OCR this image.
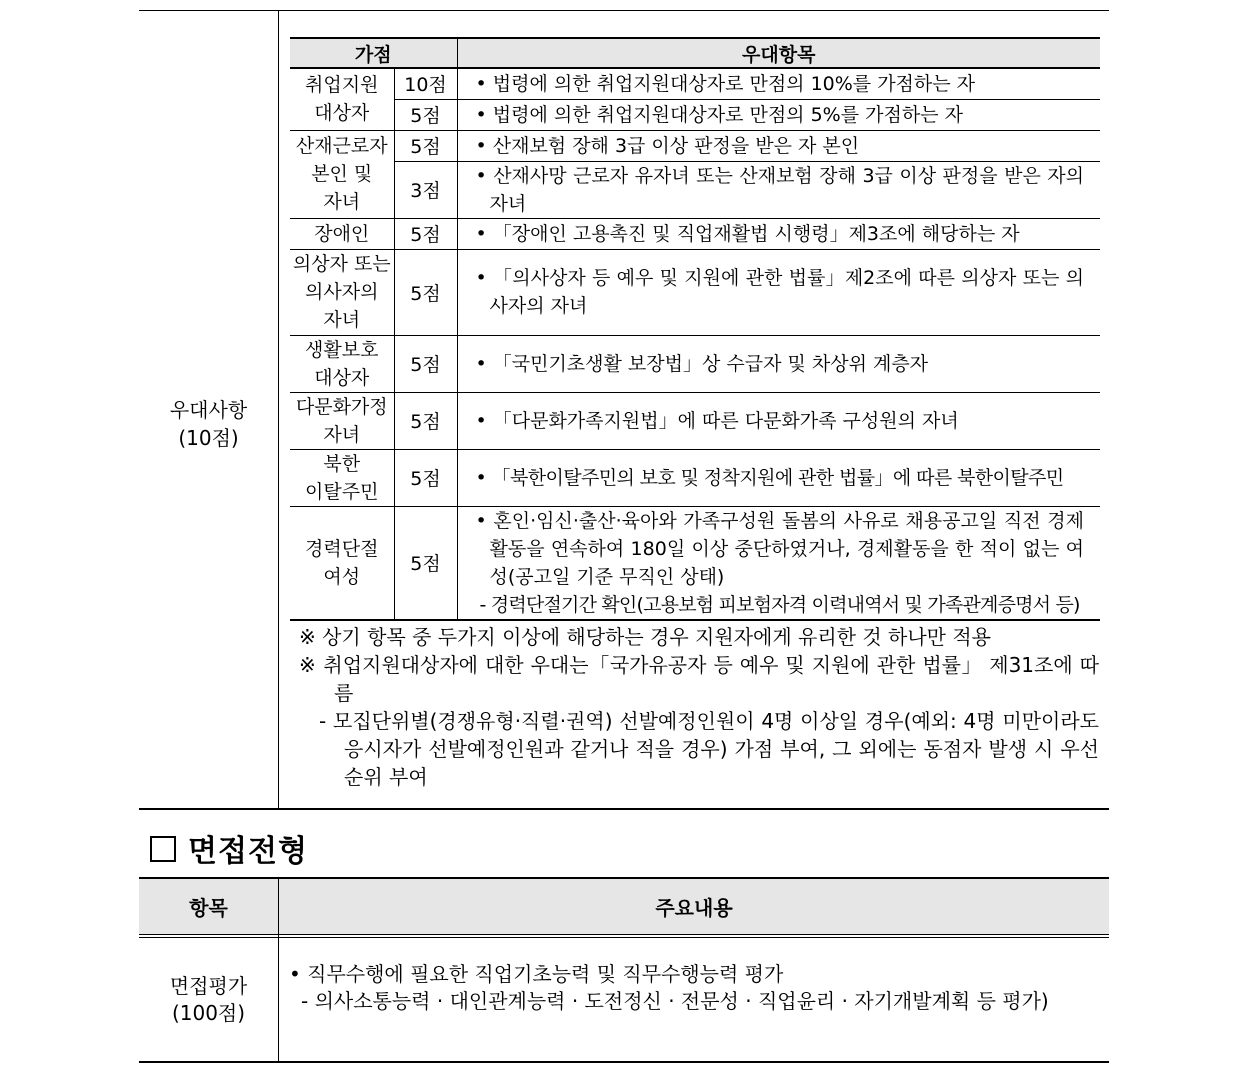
우대사항
(10점)
가점		우대항목
취업지원
대상자	10점	• 법령에 의한 취업지원대상자로 만점의 10%를 가점하는 자

	5점	• 법령에 의한 취업지원대상자로 만점의 5%를 가점하는 자

산재근로자
본인 및
자녀	5점	• 산재보험 장해 3급 이상 판정을 받은 자 본인

	3점	• 산재사망 근로자 유자녀 또는 산재보험 장해 3급 이상 판정을 받은 자의 자녀

장애인	5점	• 「장애인 고용촉진 및 직업재활법 시행령」제3조에 해당하는 자

의상자 또는
의사자의
자녀	5점	• 「의사상자 등 예우 및 지원에 관한 법률」제2조에 따른 의상자 또는 의사자의 자녀

생활보호
대상자	5점	• 「국민기초생활 보장법」상 수급자 및 차상위 계층자

다문화가정
자녀	5점	• 「다문화가족지원법」에 따른 다문화가족 구성원의 자녀

북한
이탈주민	5점	• 「북한이탈주민의 보호 및 정착지원에 관한 법률」에 따른 북한이탈주민

경력단절
여성	5점	• 혼인·임신·출산·육아와 가족구성원 돌봄의 사유로 채용공고일 직전 경제활동을 연속하여 180일 이상 중단하였거나, 경제활동을 한 적이 없는 여성(공고일 기준 무직인 상태)
- 경력단절기간 확인(고용보험 피보험자격 이력내역서 및 가족관계증명서 등)
※ 상기 항목 중 두가지 이상에 해당하는 경우 지원자에게 유리한 것 하나만 적용
※ 취업지원대상자에 대한 우대는「국가유공자 등 예우 및 지원에 관한 법률」 제31조에 따름
- 모집단위별(경쟁유형·직렬·권역) 선발예정인원이 4명 이상일 경우(예외: 4명 미만이라도 응시자가 선발예정인원과 같거나 적을 경우) 가점 부여, 그 외에는 동점자 발생 시 우선순위 부여
면접전형
항목	주요내용
면접평가
(100점)
• 직무수행에 필요한 직업기초능력 및 직무수행능력 평가
- 의사소통능력 · 대인관계능력 · 도전정신 · 전문성 · 직업윤리 · 자기개발계획 등 평가)
